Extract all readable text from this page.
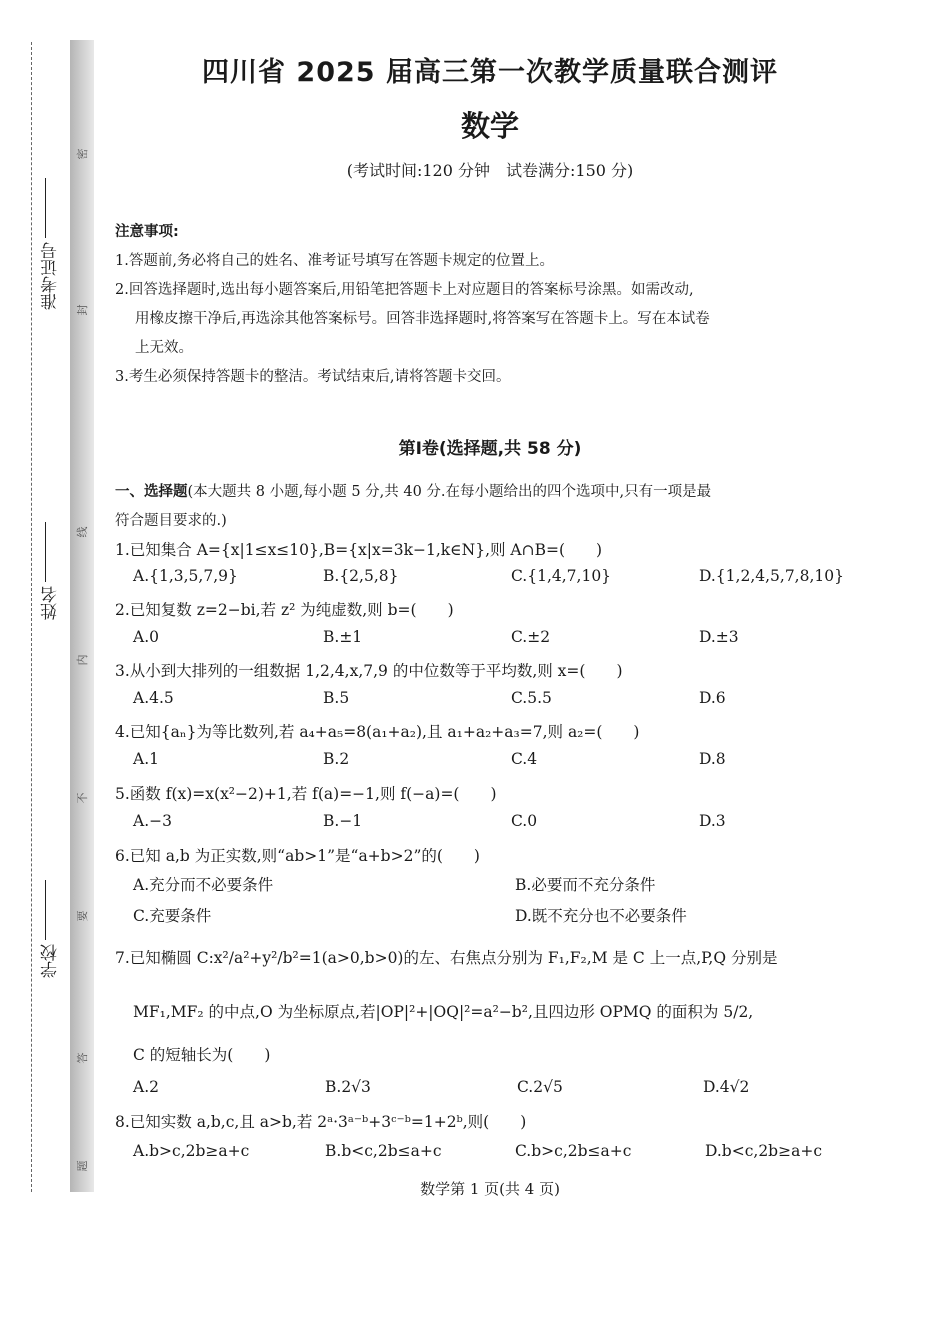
密
封
线
内
不
要
答
题
准考证号
姓名
学校
四川省 2025 届高三第一次教学质量联合测评
数学
(考试时间:120 分钟　试卷满分:150 分)
注意事项:
1.答题前,务必将自己的姓名、准考证号填写在答题卡规定的位置上。
2.回答选择题时,选出每小题答案后,用铅笔把答题卡上对应题目的答案标号涂黑。如需改动,
用橡皮擦干净后,再选涂其他答案标号。回答非选择题时,将答案写在答题卡上。写在本试卷
上无效。
3.考生必须保持答题卡的整洁。考试结束后,请将答题卡交回。
第Ⅰ卷(选择题,共 58 分)
一、选择题(本大题共 8 小题,每小题 5 分,共 40 分.在每小题给出的四个选项中,只有一项是最
符合题目要求的.)
1.已知集合 A={x|1≤x≤10},B={x|x=3k−1,k∈N},则 A∩B=(　　)
A.{1,3,5,7,9}	B.{2,5,8}	C.{1,4,7,10}	D.{1,2,4,5,7,8,10}
2.已知复数 z=2−bi,若 z² 为纯虚数,则 b=(　　)
A.0	B.±1	C.±2	D.±3
3.从小到大排列的一组数据 1,2,4,x,7,9 的中位数等于平均数,则 x=(　　)
A.4.5	B.5	C.5.5	D.6
4.已知{aₙ}为等比数列,若 a₄+a₅=8(a₁+a₂),且 a₁+a₂+a₃=7,则 a₂=(　　)
A.1	B.2	C.4	D.8
5.函数 f(x)=x(x²−2)+1,若 f(a)=−1,则 f(−a)=(　　)
A.−3	B.−1	C.0	D.3
6.已知 a,b 为正实数,则“ab>1”是“a+b>2”的(　　)
A.充分而不必要条件	B.必要而不充分条件
C.充要条件	D.既不充分也不必要条件
7.已知椭圆 C:x²/a²+y²/b²=1(a>0,b>0)的左、右焦点分别为 F₁,F₂,M 是 C 上一点,P,Q 分别是
MF₁,MF₂ 的中点,O 为坐标原点,若|OP|²+|OQ|²=a²−b²,且四边形 OPMQ 的面积为 5/2,
C 的短轴长为(　　)
A.2	B.2√3	C.2√5	D.4√2
8.已知实数 a,b,c,且 a>b,若 2ᵃ·3ᵃ⁻ᵇ+3ᶜ⁻ᵇ=1+2ᵇ,则(　　)
A.b>c,2b≥a+c	B.b<c,2b≤a+c	C.b>c,2b≤a+c	D.b<c,2b≥a+c
数学第 1 页(共 4 页)
